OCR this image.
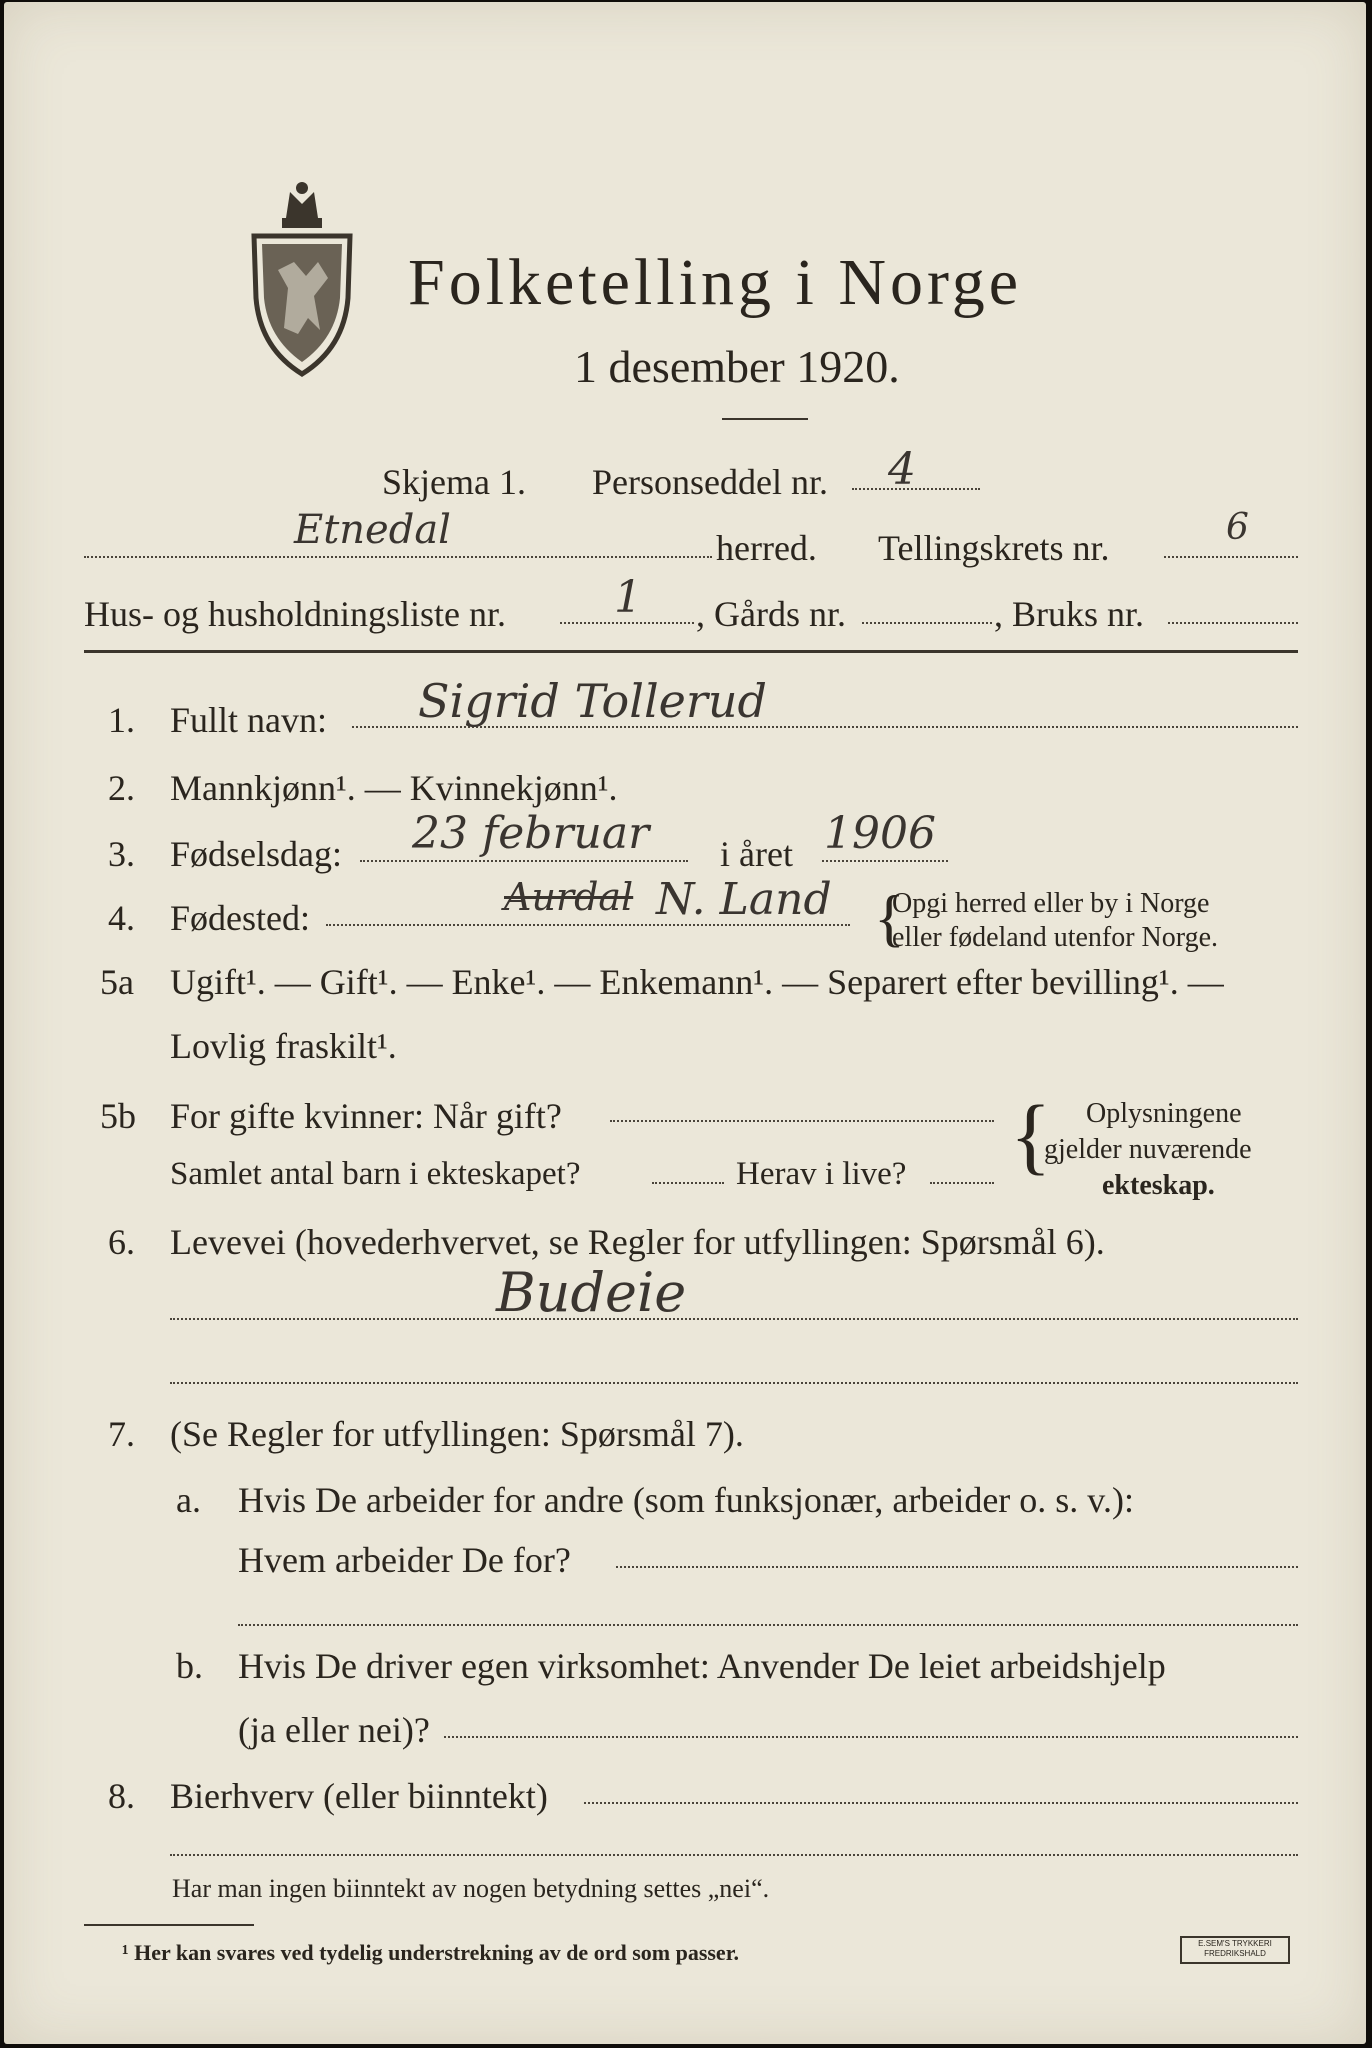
Folketelling i Norge
1 desember 1920.
Skjema 1. Personseddel nr. 4
Etnedal	herred. Tellingskrets nr.	6
Hus- og husholdningsliste nr. 1 , Gårds nr.	, Bruks nr.
1. Fullt navn: Sigrid Tollerud
2. Mannkjønn¹. — Kvinnekjønn¹.
3. Fødselsdag: 23 februar i året 1906
4. Fødested:	Aurdal N. Land Opgi herred eller by i Norge
eller fødeland utenfor Norge.
{
5a Ugift¹. — Gift¹. — Enke¹. — Enkemann¹. — Separert efter bevilling¹. —
Lovlig fraskilt¹.
5b For gifte kvinner: Når gift?
Samlet antal barn i ekteskapet?	Herav i live? { Oplysningene
gjelder nuværende
ekteskap.
6. Levevei (hovederhvervet, se Regler for utfyllingen: Spørsmål 6).
Budeie
7. (Se Regler for utfyllingen: Spørsmål 7).
a. Hvis De arbeider for andre (som funksjonær, arbeider o. s. v.):
Hvem arbeider De for?
b. Hvis De driver egen virksomhet: Anvender De leiet arbeidshjelp
(ja eller nei)?
8. Bierhverv (eller biinntekt)
Har man ingen biinntekt av nogen betydning settes „nei“.
¹ Her kan svares ved tydelig understrekning av de ord som passer.	E.SEM'S TRYKKERI FREDRIKSHALD
